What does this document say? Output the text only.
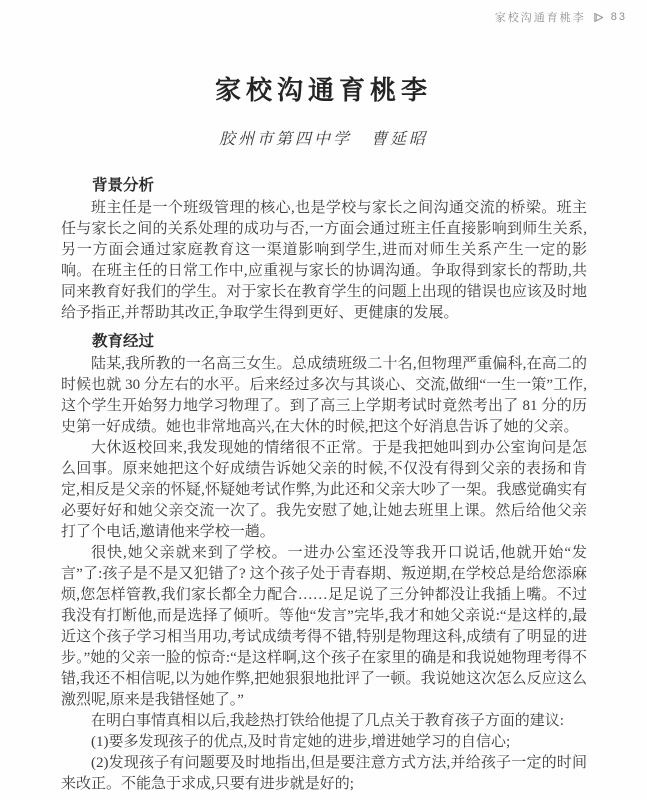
家校沟通育桃李 83
家校沟通育桃李
胶州市第四中学　曹延昭
背景分析

班主任是一个班级管理的核心,也是学校与家长之间沟通交流的桥梁。班主任与家长之间的关系处理的成功与否,一方面会通过班主任直接影响到师生关系,另一方面会通过家庭教育这一渠道影响到学生,进而对师生关系产生一定的影响。在班主任的日常工作中,应重视与家长的协调沟通。争取得到家长的帮助,共同来教育好我们的学生。对于家长在教育学生的问题上出现的错误也应该及时地给予指正,并帮助其改正,争取学生得到更好、更健康的发展。

教育经过

陆某,我所教的一名高三女生。总成绩班级二十名,但物理严重偏科,在高二的时候也就 30 分左右的水平。后来经过多次与其谈心、交流,做细“一生一策”工作,这个学生开始努力地学习物理了。到了高三上学期考试时竟然考出了 81 分的历史第一好成绩。她也非常地高兴,在大休的时候,把这个好消息告诉了她的父亲。

大休返校回来,我发现她的情绪很不正常。于是我把她叫到办公室询问是怎么回事。原来她把这个好成绩告诉她父亲的时候,不仅没有得到父亲的表扬和肯定,相反是父亲的怀疑,怀疑她考试作弊,为此还和父亲大吵了一架。我感觉确实有必要好好和她父亲交流一次了。我先安慰了她,让她去班里上课。然后给他父亲打了个电话,邀请他来学校一趟。

很快,她父亲就来到了学校。一进办公室还没等我开口说话,他就开始“发言”了:孩子是不是又犯错了? 这个孩子处于青春期、叛逆期,在学校总是给您添麻烦,您怎样管教,我们家长都全力配合……足足说了三分钟都没让我插上嘴。不过我没有打断他,而是选择了倾听。等他“发言”完毕,我才和她父亲说:“是这样的,最近这个孩子学习相当用功,考试成绩考得不错,特别是物理这科,成绩有了明显的进步。”她的父亲一脸的惊奇:“是这样啊,这个孩子在家里的确是和我说她物理考得不错,我还不相信呢,以为她作弊,把她狠狠地批评了一顿。我说她这次怎么反应这么激烈呢,原来是我错怪她了。”

在明白事情真相以后,我趁热打铁给他提了几点关于教育孩子方面的建议:

(1)要多发现孩子的优点,及时肯定她的进步,增进她学习的自信心;

(2)发现孩子有问题要及时地指出,但是要注意方式方法,并给孩子一定的时间来改正。不能急于求成,只要有进步就是好的;
